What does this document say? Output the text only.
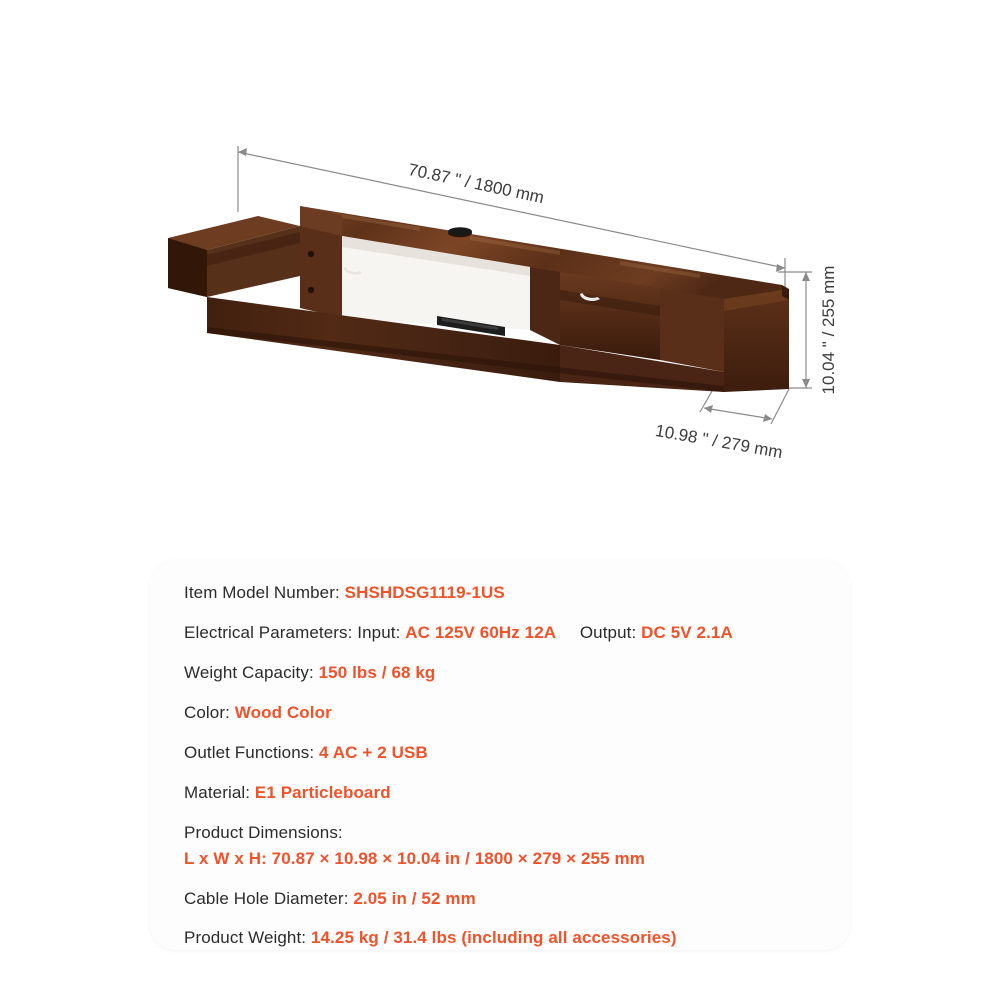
70.87 " / 1800 mm
10.04 " / 255 mm
10.98 " / 279 mm
Item Model Number: SHSHDSG1119-1US
Electrical Parameters: Input: AC 125V 60Hz 12A Output: DC 5V 2.1A
Weight Capacity: 150 lbs / 68 kg
Color: Wood Color
Outlet Functions: 4 AC + 2 USB
Material: E1 Particleboard
Product Dimensions:
L x W x H: 70.87 × 10.98 × 10.04 in / 1800 × 279 × 255 mm
Cable Hole Diameter: 2.05 in / 52 mm
Product Weight: 14.25 kg / 31.4 lbs (including all accessories)
